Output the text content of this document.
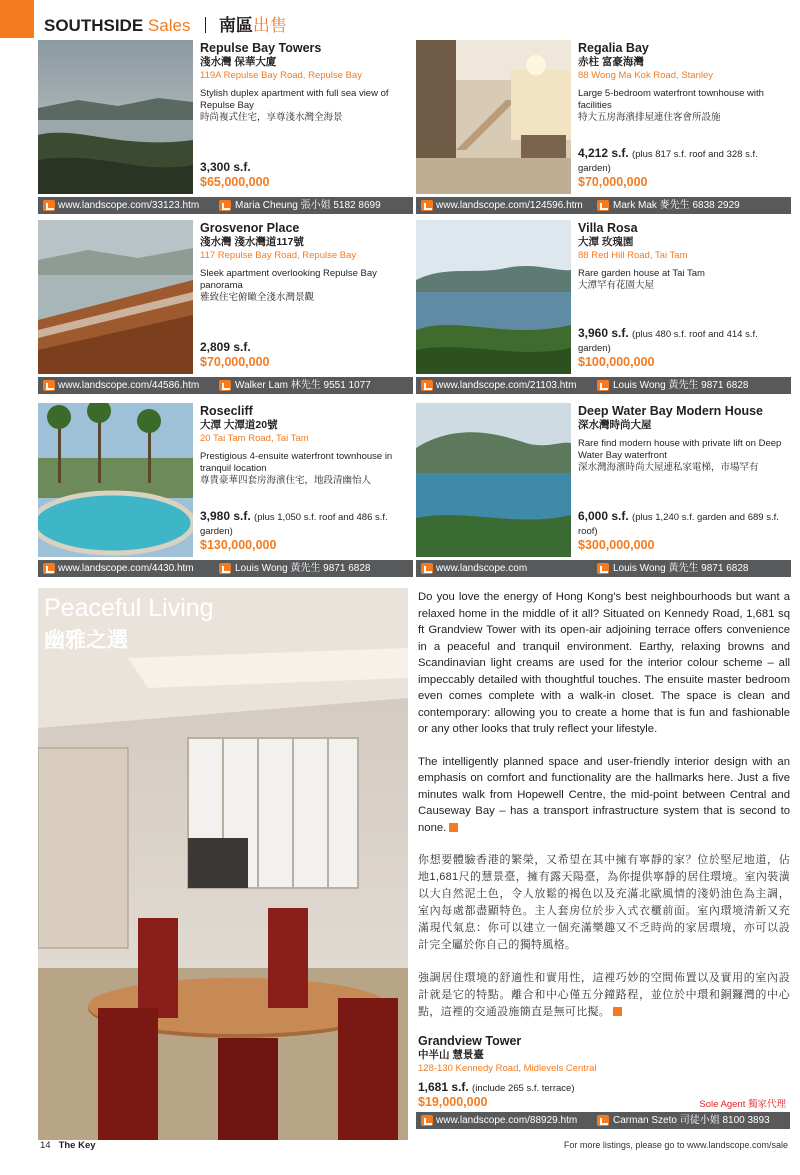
SOUTHSIDE Sales 南區出售
Repulse Bay Towers
淺水灣 保華大廈
119A Repulse Bay Road, Repulse Bay
Stylish duplex apartment with full sea view of Repulse Bay
時尚複式住宅，享尊淺水灣全海景
3,300 s.f.
$65,000,000
www.landscope.com/33123.htm	Maria Cheung 張小姐 5182 8699
Regalia Bay
赤柱 富豪海灣
88 Wong Ma Kok Road, Stanley
Large 5-bedroom waterfront townhouse with facilities
特大五房海濱排屋連住客會所設施
4,212 s.f. (plus 817 s.f. roof and 328 s.f. garden)
$70,000,000
www.landscope.com/124596.htm	Mark Mak 麥先生 6838 2929
Grosvenor Place
淺水灣 淺水灣道117號
117 Repulse Bay Road, Repulse Bay
Sleek apartment overlooking Repulse Bay panorama
雅致住宅俯瞰全淺水灣景觀
2,809 s.f.
$70,000,000
www.landscope.com/44586.htm	Walker Lam 林先生 9551 1077
Villa Rosa
大潭 玫瑰園
88 Red Hill Road, Tai Tam
Rare garden house at Tai Tam
大潭罕有花園大屋
3,960 s.f. (plus 480 s.f. roof and 414 s.f. garden)
$100,000,000
www.landscope.com/21103.htm	Louis Wong 黃先生 9871 6828
Rosecliff
大潭 大潭道20號
20 Tai Tam Road, Tai Tam
Prestigious 4-ensuite waterfront townhouse in tranquil location
尊貴豪華四套房海濱住宅，地段清幽怡人
3,980 s.f. (plus 1,050 s.f. roof and 486 s.f. garden)
$130,000,000
www.landscope.com/4430.htm	Louis Wong 黃先生 9871 6828
Deep Water Bay Modern House
深水灣時尚大屋
Rare find modern house with private lift on Deep Water Bay waterfront
深水灣海濱時尚大屋連私家電梯，市場罕有
6,000 s.f. (plus 1,240 s.f. garden and 689 s.f. roof)
$300,000,000
www.landscope.com	Louis Wong 黃先生 9871 6828
Peaceful Living
幽雅之選

Do you love the energy of Hong Kong's best neighbourhoods but want a relaxed home in the middle of it all? Situated on Kennedy Road, 1,681 sq ft Grandview Tower with its open-air adjoining terrace offers convenience in a peaceful and tranquil environment. Earthy, relaxing browns and Scandinavian light creams are used for the interior colour scheme – all impeccably detailed with thoughtful touches. The ensuite master bedroom even comes complete with a walk-in closet. The space is clean and contemporary: allowing you to create a home that is fun and fashionable or any other looks that truly reflect your lifestyle.

The intelligently planned space and user-friendly interior design with an emphasis on comfort and functionality are the hallmarks here. Just a five minutes walk from Hopewell Centre, the mid-point between Central and Causeway Bay – has a transport infrastructure system that is second to none.

你想要體驗香港的繁榮，又希望在其中擁有寧靜的家？位於堅尼地道，佔地1,681尺的慧景臺，擁有露天陽臺，為你提供寧靜的居住環境。室內裝潢以大自然泥土色，令人放鬆的褐色以及充滿北歐風情的淺奶油色為主調，室內每處都盡顯特色。主人套房位於步入式衣櫃前面。室內環境清新又充滿現代氣息：你可以建立一個充滿樂趣又不乏時尚的家居環境，亦可以設計完全屬於你自己的獨特風格。

強調居住環境的舒適性和實用性，這裡巧妙的空間佈置以及實用的室內設計就是它的特點。離合和中心僅五分鐘路程，並位於中環和銅鑼灣的中心點，這裡的交通設施簡直是無可比擬。

Grandview Tower
中半山 慧景臺
128-130 Kennedy Road, Midlevels Central
1,681 s.f. (include 265 s.f. terrace)
$19,000,000	Sole Agent 獨家代理
www.landscope.com/88929.htm	Carman Szeto 司徒小姐 8100 3893
14 The Key	For more listings, please go to www.landscope.com/sale
